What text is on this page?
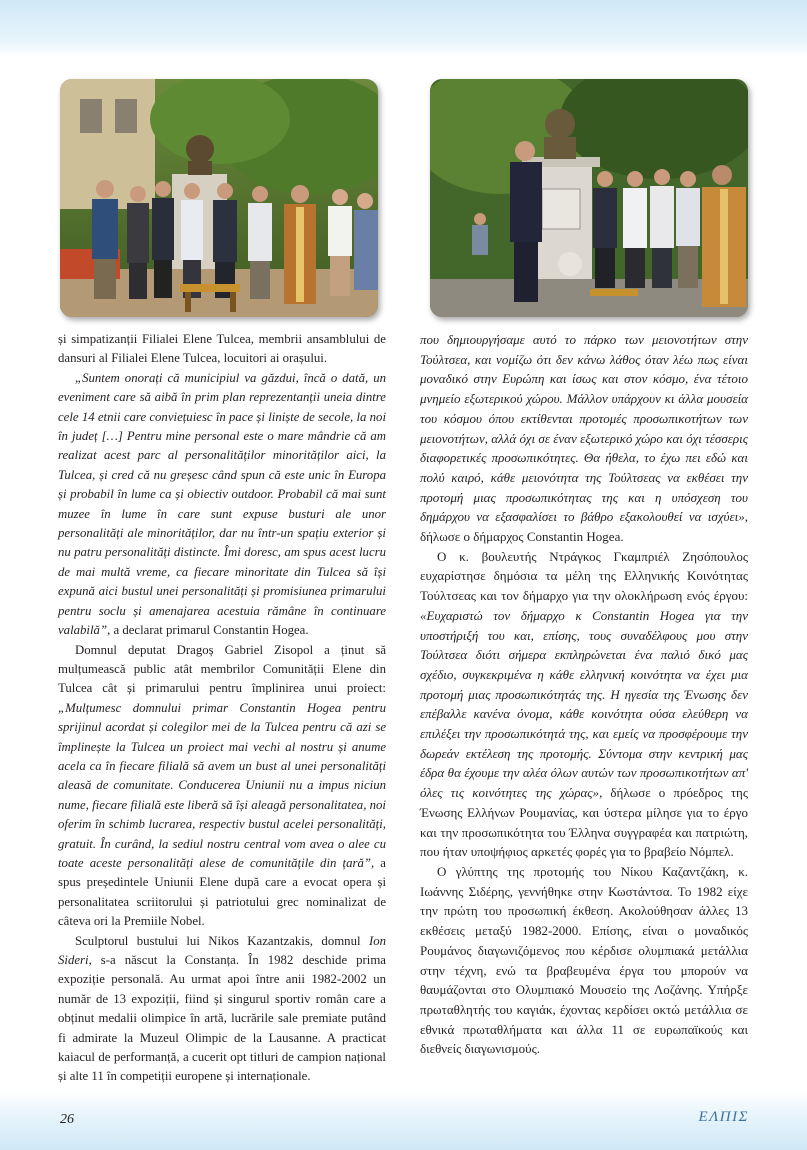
și simpatizanții Filialei Elene Tulcea, membrii ansamblului de dansuri al Filialei Elene Tulcea, locuitori ai orașului.

„Suntem onorați că municipiul va găzdui, încă o dată, un eveniment care să aibă în prim plan reprezentanții uneia dintre cele 14 etnii care conviețuiesc în pace și liniște de secole, la noi în județ […] Pentru mine personal este o mare mândrie că am realizat acest parc al personalităților minorităților aici, la Tulcea, și cred că nu greșesc când spun că este unic în Europa și probabil în lume ca și obiectiv outdoor. Probabil că mai sunt muzee în lume în care sunt expuse busturi ale unor personalități ale minorităților, dar nu într-un spațiu exterior și nu patru personalități distincte. Îmi doresc, am spus acest lucru de mai multă vreme, ca fiecare minoritate din Tulcea să își expună aici bustul unei personalități și promisiunea primarului pentru soclu și amenajarea acestuia rămâne în continuare valabilă”, a declarat primarul Constantin Hogea.

Domnul deputat Dragoș Gabriel Zisopol a ținut să mulțumească public atât membrilor Comunității Elene din Tulcea cât și primarului pentru împlinirea unui proiect: „Mulțumesc domnului primar Constantin Hogea pentru sprijinul acordat și colegilor mei de la Tulcea pentru că azi se împlinește la Tulcea un proiect mai vechi al nostru și anume acela ca în fiecare filială să avem un bust al unei personalități aleasă de comunitate. Conducerea Uniunii nu a impus niciun nume, fiecare filială este liberă să își aleagă personalitatea, noi oferim în schimb lucrarea, respectiv bustul acelei personalități, gratuit. În curând, la sediul nostru central vom avea o alee cu toate aceste personalități alese de comunitățile din țară”, a spus președintele Uniunii Elene după care a evocat opera și personalitatea scriitorului și patriotului grec nominalizat de câteva ori la Premiile Nobel.

Sculptorul bustului lui Nikos Kazantzakis, domnul Ion Sideri, s-a născut la Constanța. În 1982 deschide prima expoziție personală. Au urmat apoi între anii 1982-2002 un număr de 13 expoziții, fiind și singurul sportiv român care a obținut medalii olimpice în artă, lucrările sale premiate putând fi admirate la Muzeul Olimpic de la Lausanne. A practicat kaiacul de performanță, a cucerit opt titluri de campion național și alte 11 în competiții europene și internaționale.

που δημιουργήσαμε αυτό το πάρκο των μειονοτήτων στην Τούλτσεα, και νομίζω ότι δεν κάνω λάθος όταν λέω πως είναι μοναδικό στην Ευρώπη και ίσως και στον κόσμο, ένα τέτοιο μνημείο εξωτερικού χώρου. Μάλλον υπάρχουν κι άλλα μουσεία του κόσμου όπου εκτίθενται προτομές προσωπικοτήτων των μειονοτήτων, αλλά όχι σε έναν εξωτερικό χώρο και όχι τέσσερις διαφορετικές προσωπικότητες. Θα ήθελα, το έχω πει εδώ και πολύ καιρό, κάθε μειονότητα της Τούλτσεας να εκθέσει την προτομή μιας προσωπικότητας της και η υπόσχεση του δημάρχου να εξασφαλίσει το βάθρο εξακολουθεί να ισχύει», δήλωσε ο δήμαρχος Constantin Hogea.

Ο κ. βουλευτής Ντράγκος Γκαμπριέλ Ζησόπουλος ευχαρίστησε δημόσια τα μέλη της Ελληνικής Κοινότητας Τούλτσεας και τον δήμαρχο για την ολοκλήρωση ενός έργου: «Ευχαριστώ τον δήμαρχο κ Constantin Hogea για την υποστήριξή του και, επίσης, τους συναδέλφους μου στην Τούλτσεα διότι σήμερα εκπληρώνεται ένα παλιό δικό μας σχέδιο, συγκεκριμένα η κάθε ελληνική κοινότητα να έχει μια προτομή μιας προσωπικότητάς της. Η ηγεσία της Ένωσης δεν επέβαλλε κανένα όνομα, κάθε κοινότητα ούσα ελεύθερη να επιλέξει την προσωπικότητά της, και εμείς να προσφέρουμε την δωρεάν εκτέλεση της προτομής. Σύντομα στην κεντρική μας έδρα θα έχουμε την αλέα όλων αυτών των προσωπικοτήτων απ' όλες τις κοινότητες της χώρας», δήλωσε ο πρόεδρος της Ένωσης Ελλήνων Ρουμανίας, και ύστερα μίλησε για το έργο και την προσωπικότητα του Έλληνα συγγραφέα και πατριώτη, που ήταν υποψήφιος αρκετές φορές για το βραβείο Νόμπελ.

Ο γλύπτης της προτομής του Νίκου Καζαντζάκη, κ. Ιωάννης Σιδέρης, γεννήθηκε στην Κωστάντσα. Το 1982 είχε την πρώτη του προσωπική έκθεση. Ακολούθησαν άλλες 13 εκθέσεις μεταξύ 1982-2000. Επίσης, είναι ο μοναδικός Ρουμάνος διαγωνιζόμενος που κέρδισε ολυμπιακά μετάλλια στην τέχνη, ενώ τα βραβευμένα έργα του μπορούν να θαυμάζονται στο Ολυμπιακό Μουσείο της Λοζάνης. Υπήρξε πρωταθλητής του καγιάκ, έχοντας κερδίσει οκτώ μετάλλια σε εθνικά πρωταθλήματα και άλλα 11 σε ευρωπαϊκούς και διεθνείς διαγωνισμούς.

26	ΕΛΠΙΣ
